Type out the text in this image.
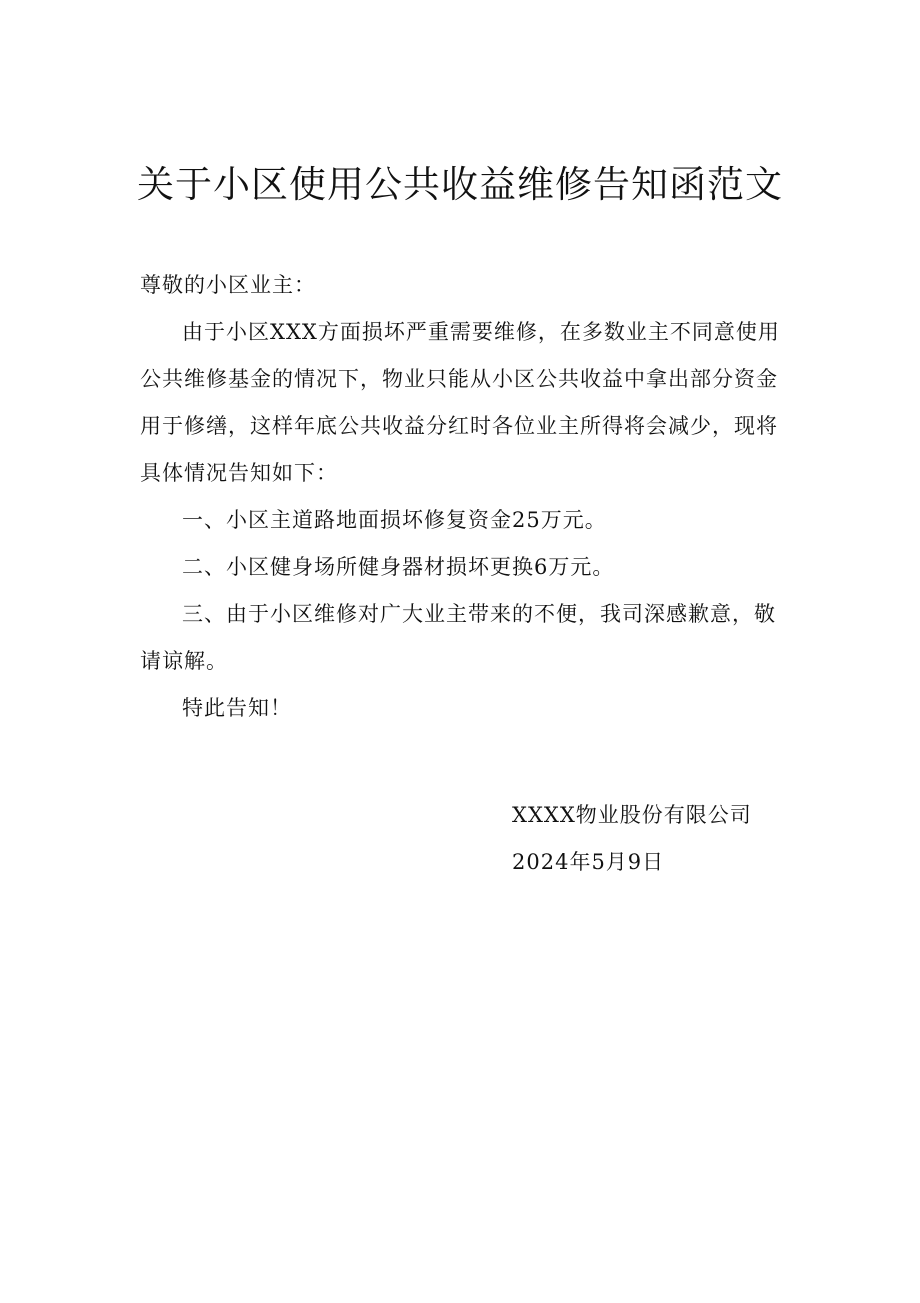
关于小区使用公共收益维修告知函范文

尊敬的小区业主：

由于小区XXX方面损坏严重需要维修，在多数业主不同意使用公共维修基金的情况下，物业只能从小区公共收益中拿出部分资金用于修缮，这样年底公共收益分红时各位业主所得将会减少，现将具体情况告知如下：

一、小区主道路地面损坏修复资金25万元。

二、小区健身场所健身器材损坏更换6万元。

三、由于小区维修对广大业主带来的不便，我司深感歉意，敬请谅解。

特此告知！

XXXX物业股份有限公司
2024年5月9日
